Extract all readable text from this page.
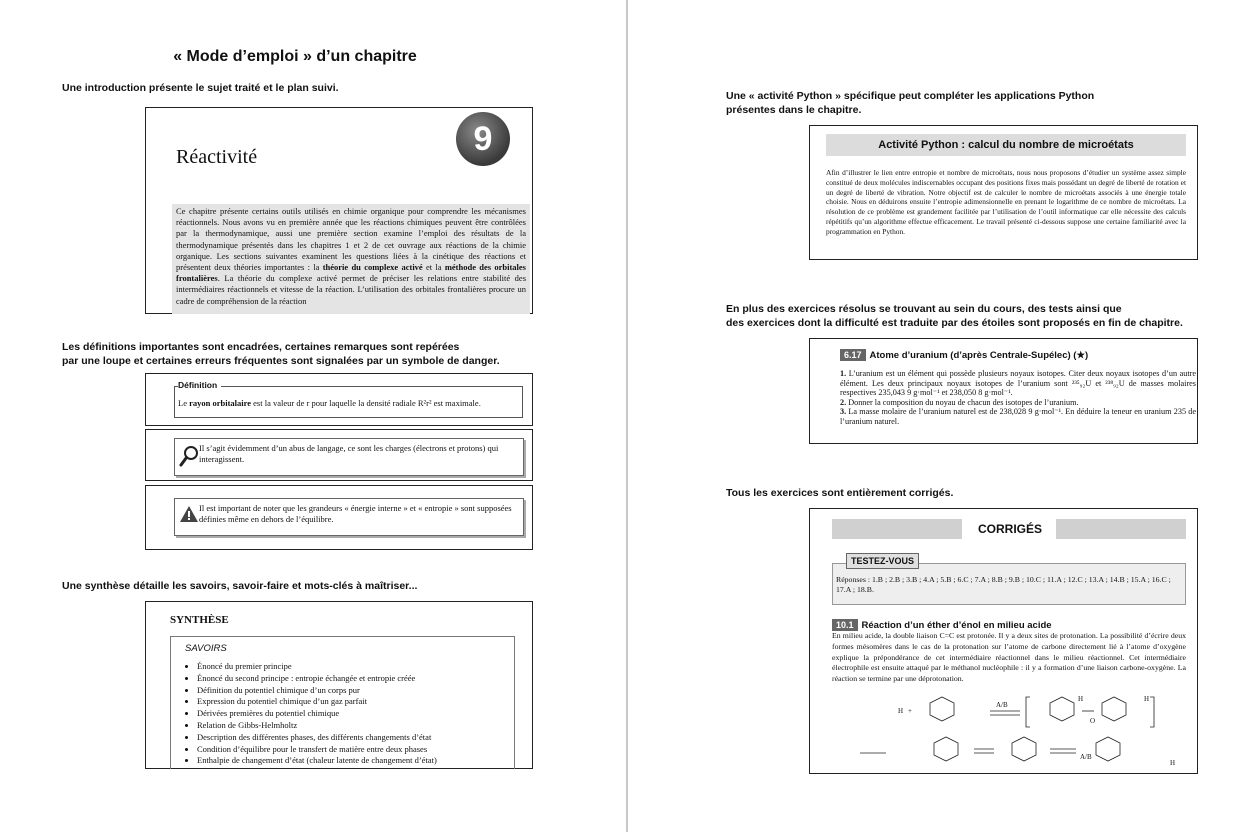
« Mode d’emploi » d’un chapitre
Une introduction présente le sujet traité et le plan suivi.
Réactivité	9
Ce chapitre présente certains outils utilisés en chimie organique pour comprendre les mécanismes réactionnels. Nous avons vu en première année que les réactions chimiques peuvent être contrôlées par la thermodynamique, aussi une première section examine l’emploi des résultats de la thermodynamique présentés dans les chapitres 1 et 2 de cet ouvrage aux réactions de la chimie organique. Les sections suivantes examinent les questions liées à la cinétique des réactions et présentent deux théories importantes : la théorie du complexe activé et la méthode des orbitales frontalières. La théorie du complexe activé permet de préciser les relations entre stabilité des intermédiaires réactionnels et vitesse de la réaction. L’utilisation des orbitales frontalières procure un cadre de compréhension de la réaction
Les définitions importantes sont encadrées, certaines remarques sont repérées
par une loupe et certaines erreurs fréquentes sont signalées par un symbole de danger.
Définition
Le rayon orbitalaire est la valeur de r pour laquelle la densité radiale R²r² est maximale.
Il s’agit évidemment d’un abus de langage, ce sont les charges (électrons et protons) qui interagissent.
Il est important de noter que les grandeurs « énergie interne » et « entropie » sont supposées définies même en dehors de l’équilibre.
Une synthèse détaille les savoirs, savoir-faire et mots-clés à maîtriser...
SYNTHÈSE
SAVOIRS
• Énoncé du premier principe
• Énoncé du second principe : entropie échangée et entropie créée
• Définition du potentiel chimique d’un corps pur
• Expression du potentiel chimique d’un gaz parfait
• Dérivées premières du potentiel chimique
• Relation de Gibbs-Helmholtz
• Description des différentes phases, des différents changements d’état
• Condition d’équilibre pour le transfert de matière entre deux phases
• Enthalpie de changement d’état (chaleur latente de changement d’état)
Une « activité Python » spécifique peut compléter les applications Python
présentes dans le chapitre.
Activité Python : calcul du nombre de microétats
Afin d’illustrer le lien entre entropie et nombre de microétats, nous nous proposons d’étudier un système assez simple constitué de deux molécules indiscernables occupant des positions fixes mais possédant un degré de liberté de rotation et un degré de liberté de vibration. Notre objectif est de calculer le nombre de microétats associés à une énergie totale choisie. Nous en déduirons ensuite l’entropie adimensionnelle en prenant le logarithme de ce nombre de microétats. La résolution de ce problème est grandement facilitée par l’utilisation de l’outil informatique car elle nécessite des calculs répétitifs qu’un algorithme effectue efficacement. Le travail présenté ci-dessous suppose une certaine familiarité avec la programmation en Python.
En plus des exercices résolus se trouvant au sein du cours, des tests ainsi que
des exercices dont la difficulté est traduite par des étoiles sont proposés en fin de chapitre.
6.17 Atome d’uranium (d’après Centrale-Supélec) (★)
1. L’uranium est un élément qui possède plusieurs noyaux isotopes. Citer deux noyaux isotopes d’un autre élément. Les deux principaux noyaux isotopes de l’uranium sont ²³⁵₉₂U et ²³⁸₉₂U de masses molaires respectives 235,043 9 g·mol⁻¹ et 238,050 8 g·mol⁻¹.
2. Donner la composition du noyau de chacun des isotopes de l’uranium.
3. La masse molaire de l’uranium naturel est de 238,028 9 g·mol⁻¹. En déduire la teneur en uranium 235 de l’uranium naturel.
Tous les exercices sont entièrement corrigés.
CORRIGÉS
TESTEZ-VOUS
Réponses : 1.B ; 2.B ; 3.B ; 4.A ; 5.B ; 6.C ; 7.A ; 8.B ; 9.B ; 10.C ; 11.A ; 12.C ; 13.A ; 14.B ; 15.A ; 16.C ; 17.A ; 18.B.
10.1 Réaction d’un éther d’énol en milieu acide
En milieu acide, la double liaison C=C est protonée. Il y a deux sites de protonation. La possibilité d’écrire deux formes mésomères dans le cas de la protonation sur l’atome de carbone directement lié à l’atome d’oxygène explique la prépondérance de cet intermédiaire réactionnel dans le milieu réactionnel. Cet intermédiaire électrophile est ensuite attaqué par le méthanol nucléophile : il y a formation d’une liaison carbone-oxygène. La réaction se termine par une déprotonation.
H +
A/B
H	H
A/B
H
O
